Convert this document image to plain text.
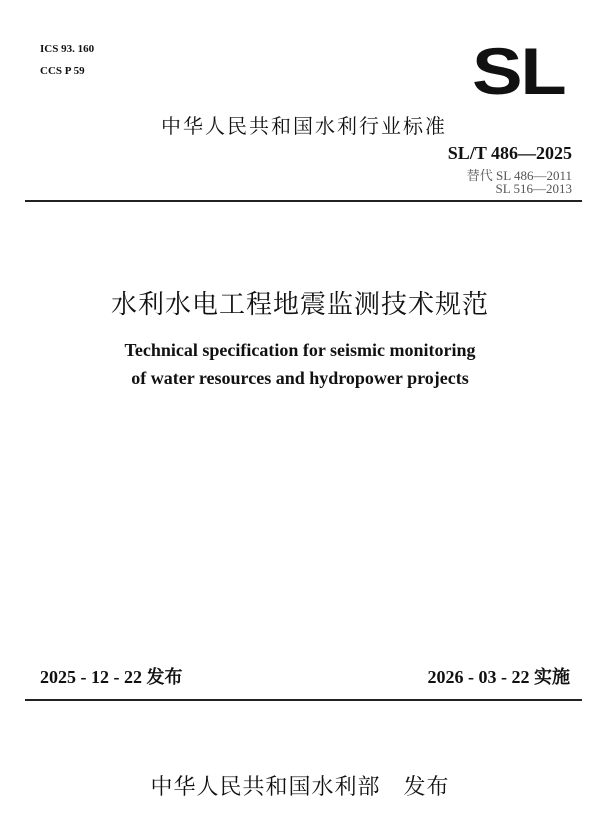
ICS 93. 160
CCS P 59	SL
中华人民共和国水利行业标准
SL/T 486—2025
替代 SL 486—2011
SL 516—2013
水利水电工程地震监测技术规范
Technical specification for seismic monitoring
of water resources and hydropower projects
2025 - 12 - 22 发布	2026 - 03 - 22 实施
中华人民共和国水利部　发布
